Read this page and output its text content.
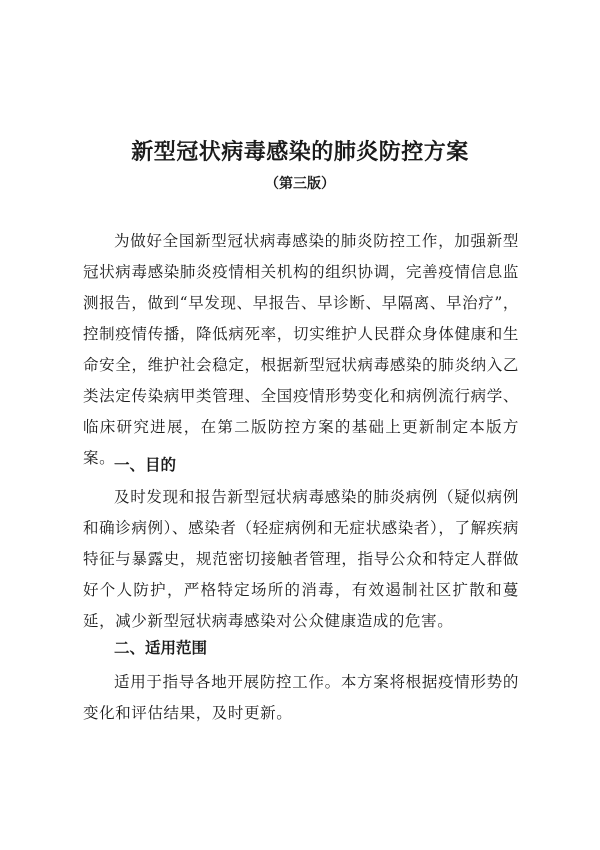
新型冠状病毒感染的肺炎防控方案
（第三版）

为做好全国新型冠状病毒感染的肺炎防控工作，加强新型冠状病毒感染肺炎疫情相关机构的组织协调，完善疫情信息监测报告，做到“早发现、早报告、早诊断、早隔离、早治疗”，控制疫情传播，降低病死率，切实维护人民群众身体健康和生命安全，维护社会稳定，根据新型冠状病毒感染的肺炎纳入乙类法定传染病甲类管理、全国疫情形势变化和病例流行病学、临床研究进展，在第二版防控方案的基础上更新制定本版方案。

一、目的

及时发现和报告新型冠状病毒感染的肺炎病例（疑似病例和确诊病例）、感染者（轻症病例和无症状感染者），了解疾病特征与暴露史，规范密切接触者管理，指导公众和特定人群做好个人防护，严格特定场所的消毒，有效遏制社区扩散和蔓延，减少新型冠状病毒感染对公众健康造成的危害。

二、适用范围

适用于指导各地开展防控工作。本方案将根据疫情形势的变化和评估结果，及时更新。
